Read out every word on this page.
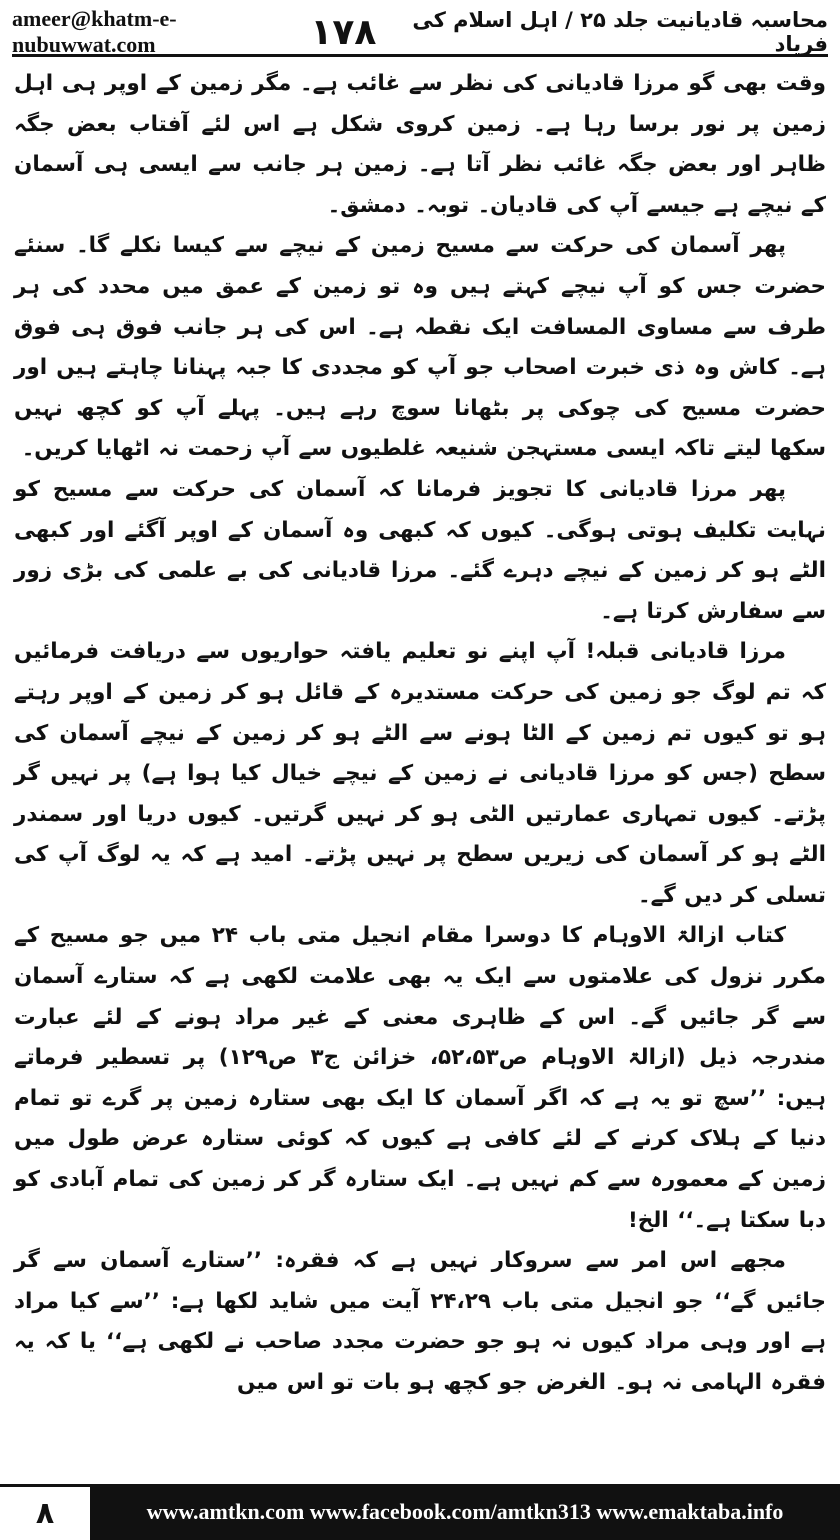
ameer@khatm-e-nubuwwat.com	۱۷۸	محاسبہ قادیانیت جلد ۲۵ / اہل اسلام کی فریاد

وقت بھی گو مرزا قادیانی کی نظر سے غائب ہے۔ مگر زمین کے اوپر ہی اہل زمین پر نور برسا رہا ہے۔ زمین کروی شکل ہے اس لئے آفتاب بعض جگہ ظاہر اور بعض جگہ غائب نظر آتا ہے۔ زمین ہر جانب سے ایسی ہی آسمان کے نیچے ہے جیسے آپ کی قادیان۔ توبہ۔ دمشق۔

پھر آسمان کی حرکت سے مسیح زمین کے نیچے سے کیسا نکلے گا۔ سنئے حضرت جس کو آپ نیچے کہتے ہیں وہ تو زمین کے عمق میں محدد کی ہر طرف سے مساوی المسافت ایک نقطہ ہے۔ اس کی ہر جانب فوق ہی فوق ہے۔ کاش وہ ذی خبرت اصحاب جو آپ کو مجددی کا جبہ پہنانا چاہتے ہیں اور حضرت مسیح کی چوکی پر بٹھانا سوچ رہے ہیں۔ پہلے آپ کو کچھ نہیں سکھا لیتے تاکہ ایسی مستہجن شنیعہ غلطیوں سے آپ زحمت نہ اٹھایا کریں۔

پھر مرزا قادیانی کا تجویز فرمانا کہ آسمان کی حرکت سے مسیح کو نہایت تکلیف ہوتی ہوگی۔ کیوں کہ کبھی وہ آسمان کے اوپر آگئے اور کبھی الٹے ہو کر زمین کے نیچے دہرے گئے۔ مرزا قادیانی کی بے علمی کی بڑی زور سے سفارش کرتا ہے۔

مرزا قادیانی قبلہ! آپ اپنے نو تعلیم یافتہ حواریوں سے دریافت فرمائیں کہ تم لوگ جو زمین کی حرکت مستدیرہ کے قائل ہو کر زمین کے اوپر رہتے ہو تو کیوں تم زمین کے الٹا ہونے سے الٹے ہو کر زمین کے نیچے آسمان کی سطح (جس کو مرزا قادیانی نے زمین کے نیچے خیال کیا ہوا ہے) پر نہیں گر پڑتے۔ کیوں تمہاری عمارتیں الٹی ہو کر نہیں گرتیں۔ کیوں دریا اور سمندر الٹے ہو کر آسمان کی زیریں سطح پر نہیں پڑتے۔ امید ہے کہ یہ لوگ آپ کی تسلی کر دیں گے۔

کتاب ازالۃ الاوہام کا دوسرا مقام انجیل متی باب ۲۴ میں جو مسیح کے مکرر نزول کی علامتوں سے ایک یہ بھی علامت لکھی ہے کہ ستارے آسمان سے گر جائیں گے۔ اس کے ظاہری معنی کے غیر مراد ہونے کے لئے عبارت مندرجہ ذیل (ازالۃ الاوہام ص۵۲،۵۳، خزائن ج۳ ص۱۲۹) پر تسطیر فرماتے ہیں: ’’سچ تو یہ ہے کہ اگر آسمان کا ایک بھی ستارہ زمین پر گرے تو تمام دنیا کے ہلاک کرنے کے لئے کافی ہے کیوں کہ کوئی ستارہ عرض طول میں زمین کے معمورہ سے کم نہیں ہے۔ ایک ستارہ گر کر زمین کی تمام آبادی کو دبا سکتا ہے۔‘‘ الخ!

مجھے اس امر سے سروکار نہیں ہے کہ فقرہ: ’’ستارے آسمان سے گر جائیں گے‘‘ جو انجیل متی باب ۲۴،۲۹ آیت میں شاید لکھا ہے: ’’سے کیا مراد ہے اور وہی مراد کیوں نہ ہو جو حضرت مجدد صاحب نے لکھی ہے‘‘ یا کہ یہ فقرہ الہامی نہ ہو۔ الغرض جو کچھ ہو بات تو اس میں

۸	www.amtkn.com www.facebook.com/amtkn313 www.emaktaba.info
